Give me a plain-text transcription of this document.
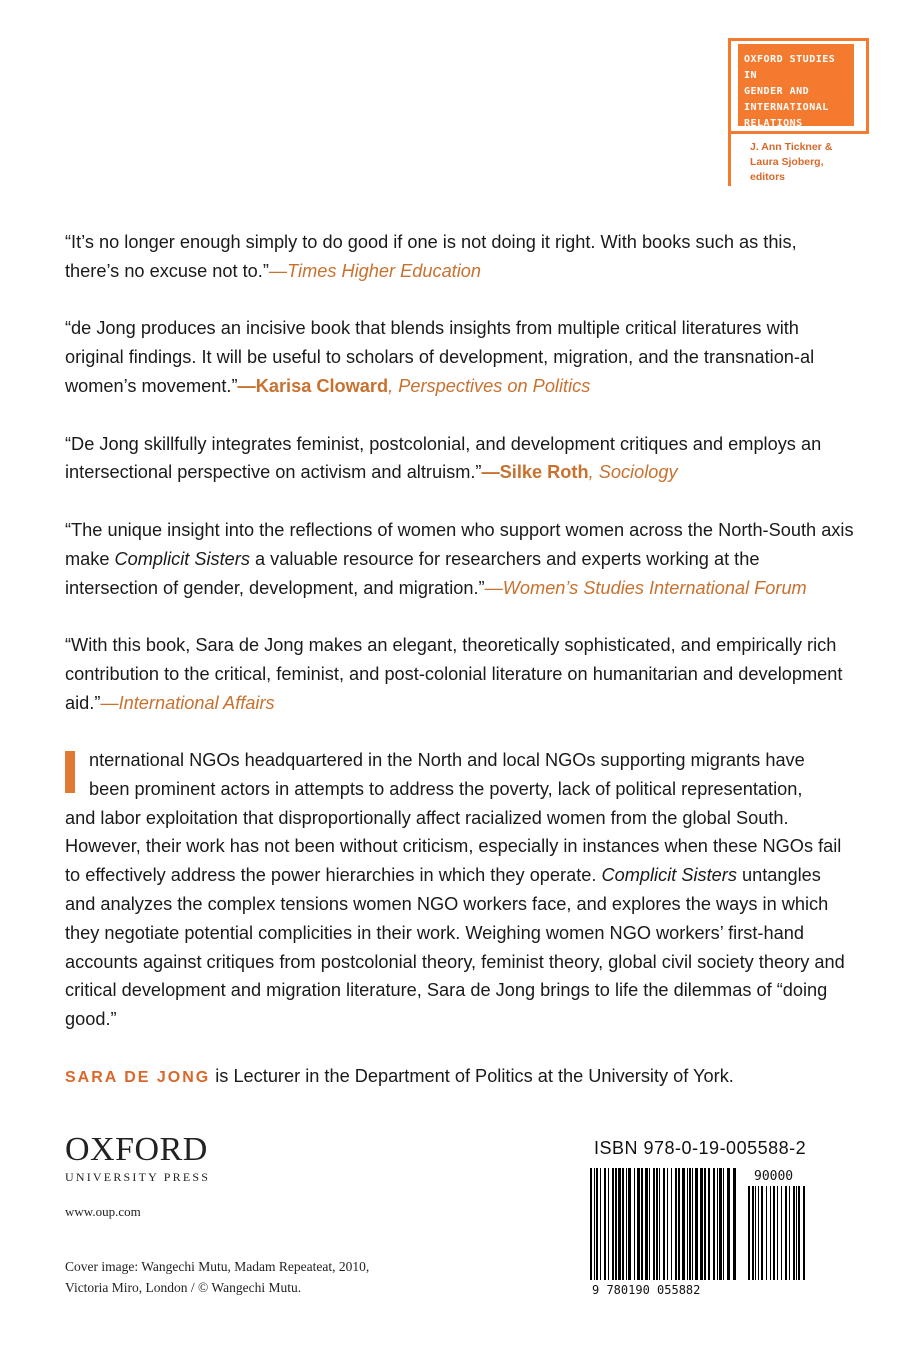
OXFORD STUDIES IN

GENDER AND

INTERNATIONAL

RELATIONS

J. Ann Tickner &
Laura Sjoberg,
editors

“It’s no longer enough simply to do good if one is not doing it right. With books such as this, there’s no excuse not to.”—Times Higher Education

“de Jong produces an incisive book that blends insights from multiple critical literatures with original findings. It will be useful to scholars of development, migration, and the transnation-al women’s movement.”—Karisa Cloward, Perspectives on Politics

“De Jong skillfully integrates feminist, postcolonial, and development critiques and employs an intersectional perspective on activism and altruism.”—Silke Roth, Sociology

“The unique insight into the reflections of women who support women across the North-South axis make Complicit Sisters a valuable resource for researchers and experts working at the intersection of gender, development, and migration.”—Women’s Studies International Forum

“With this book, Sara de Jong makes an elegant, theoretically sophisticated, and empirically rich contribution to the critical, feminist, and post-colonial literature on humanitarian and development aid.”—International Affairs

nternational NGOs headquartered in the North and local NGOs supporting migrants have

been prominent actors in attempts to address the poverty, lack of political representation,

and labor exploitation that disproportionally affect racialized women from the global South. However, their work has not been without criticism, especially in instances when these NGOs fail to effectively address the power hierarchies in which they operate. Complicit Sisters untangles and analyzes the complex tensions women NGO workers face, and explores the ways in which they negotiate potential complicities in their work. Weighing women NGO workers’ first-hand accounts against critiques from postcolonial theory, feminist theory, global civil society theory and critical development and migration literature, Sara de Jong brings to life the dilemmas of “doing good.”

SARA DE JONG is Lecturer in the Department of Politics at the University of York.
OXFORD
UNIVERSITY PRESS
www.oup.com
Cover image: Wangechi Mutu, Madam Repeateat, 2010,
Victoria Miro, London / © Wangechi Mutu.
ISBN 978-0-19-005588-2
9 780190 055882
90000
